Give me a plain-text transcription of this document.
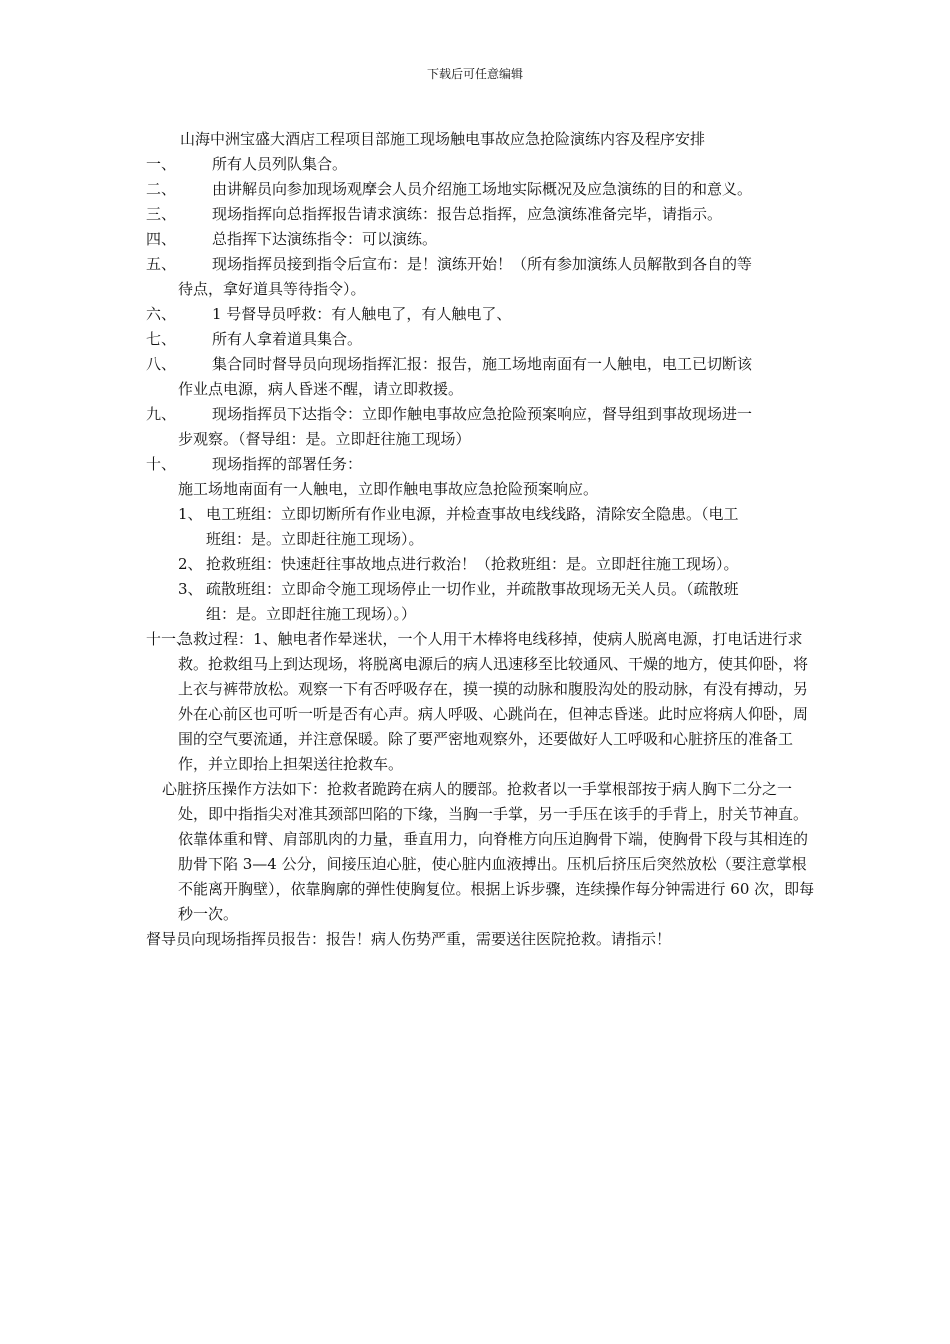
下载后可任意编辑

山海中洲宝盛大酒店工程项目部施工现场触电事故应急抢险演练内容及程序安排

一、	所有人员列队集合。

二、	由讲解员向参加现场观摩会人员介绍施工场地实际概况及应急演练的目的和意义。

三、	现场指挥向总指挥报告请求演练：报告总指挥，应急演练准备完毕，请指示。

四、	总指挥下达演练指令：可以演练。

五、	现场指挥员接到指令后宣布：是！演练开始！（所有参加演练人员解散到各自的等

待点，拿好道具等待指令）。

六、	1 号督导员呼救：有人触电了，有人触电了、

七、	所有人拿着道具集合。

八、	集合同时督导员向现场指挥汇报：报告，施工场地南面有一人触电，电工已切断该

作业点电源，病人昏迷不醒，请立即救援。

九、	现场指挥员下达指令：立即作触电事故应急抢险预案响应，督导组到事故现场进一

步观察。（督导组：是。立即赶往施工现场）

十、	现场指挥的部署任务：

施工场地南面有一人触电，立即作触电事故应急抢险预案响应。

1、 电工班组：立即切断所有作业电源，并检查事故电线线路，清除安全隐患。（电工

班组：是。立即赶往施工现场）。

2、 抢救班组：快速赶往事故地点进行救治！（抢救班组：是。立即赶往施工现场）。

3、 疏散班组：立即命令施工现场停止一切作业，并疏散事故现场无关人员。（疏散班

组：是。立即赶往施工现场）。）

十一、

急救过程：1、触电者作晕迷状，一个人用干木棒将电线移掉，使病人脱离电源，打电话进行求救。抢救组马上到达现场，将脱离电源后的病人迅速移至比较通风、干燥的地方，使其仰卧，将上衣与裤带放松。观察一下有否呼吸存在，摸一摸的动脉和腹股沟处的股动脉，有没有搏动，另外在心前区也可听一听是否有心声。病人呼吸、心跳尚在，但神志昏迷。此时应将病人仰卧，周围的空气要流通，并注意保暖。除了要严密地观察外，还要做好人工呼吸和心脏挤压的准备工作，并立即抬上担架送往抢救车。

心脏挤压操作方法如下：抢救者跪跨在病人的腰部。抢救者以一手掌根部按于病人胸下二分之一处，即中指指尖对准其颈部凹陷的下缘，当胸一手掌，另一手压在该手的手背上，肘关节神直。依靠体重和臂、肩部肌肉的力量，垂直用力，向脊椎方向压迫胸骨下端，使胸骨下段与其相连的肋骨下陷 3—4 公分，间接压迫心脏，使心脏内血液搏出。压机后挤压后突然放松（要注意掌根不能离开胸壁），依靠胸廓的弹性使胸复位。根据上诉步骤，连续操作每分钟需进行 60 次，即每秒一次。

督导员向现场指挥员报告：报告！病人伤势严重，需要送往医院抢救。请指示！
